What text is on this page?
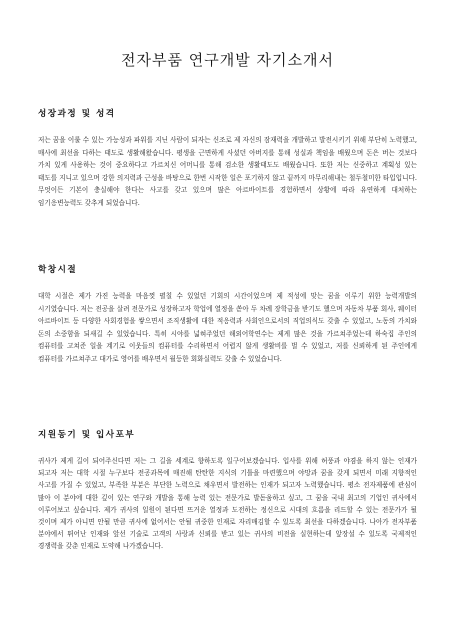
전자부품 연구개발 자기소개서
성장과정 및 성격

저는 꿈을 이룰 수 있는 가능성과 파워를 지닌 사람이 되자는 신조로 제 자신의 잠재력을 개발하고 발전시키기 위해 부단히 노력했고, 매사에 최선을 다하는 태도로 생활해왔습니다. 평생을 근면하게 사셨던 아버지를 통해 성실과 책임을 배웠으며 돈은 버는 것보다 가치 있게 사용하는 것이 중요하다고 가르치신 어머니를 통해 검소한 생활태도도 배웠습니다. 또한 저는 신중하고 계획성 있는 태도를 지니고 있으며 강한 의지력과 근성을 바탕으로 한번 시작한 일은 포기하지 않고 끝까지 마무리해내는 철두철미한 타입입니다. 무엇이든 기본이 충실해야 한다는 사고를 갖고 있으며 많은 아르바이트를 경험하면서 상황에 따라 유연하게 대처하는 임기응변능력도 갖추게 되었습니다.

학창시절

대학 시절은 제가 가진 능력을 마음껏 펼칠 수 있었던 기회의 시간이었으며 제 적성에 맞는 꿈을 이루기 위한 능력개발의 시기였습니다. 저는 전공을 살려 전문가로 성장하고자 학업에 열정을 쏟아 두 차례 장학금을 받기도 했으며 자동차 부품 회사, 웨이터 아르바이트 등 다양한 사회경험을 쌓으면서 조직생활에 대한 적응력과 사회인으로서의 직업의식도 갖출 수 있었고, 노동의 가치와 돈의 소중함을 되새길 수 있었습니다. 특히 시야를 넓혀주었던 해외어학연수는 제게 많은 것을 가르쳐주었는데 하숙집 주인의 컴퓨터를 고쳐준 일을 계기로 이웃들의 컴퓨터를 수리하면서 어렵지 않게 생활비를 벌 수 있었고, 저를 신뢰하게 된 주인에게 컴퓨터를 가르쳐주고 대가로 영어를 배우면서 월등한 회화실력도 갖출 수 있었습니다.

지원동기 및 입사포부

귀사가 제게 길이 되어주신다면 저는 그 길을 세계로 향하도록 일구어보겠습니다. 입사를 위해 허풍과 야겸을 하지 않는 인재가 되고자 저는 대학 시절 누구보다 전공과목에 매진해 탄탄한 지식의 기틀을 마련했으며 야망과 꿈을 갖게 되면서 미래 지향적인 사고를 가질 수 있었고, 부족한 부분은 부단한 노력으로 채우면서 발전하는 인재가 되고자 노력했습니다. 평소 전자제품에 관심이 많아 이 분야에 대한 깊이 있는 연구와 개발을 통해 능력 있는 전문가로 발돋움하고 싶고, 그 꿈을 국내 최고의 기업인 귀사에서 이루어보고 싶습니다. 제가 귀사의 일원이 된다면 뜨거운 열정과 도전하는 정신으로 시대의 흐름을 리드할 수 있는 전문가가 될 것이며 제가 아니면 안될 만큼 귀사에 없어서는 안될 귀중한 인재로 자리매김할 수 있도록 최선을 다하겠습니다. 나아가 전자부품 분야에서 뛰어난 인재와 앞선 기술로 고객의 사랑과 신뢰를 받고 있는 귀사의 비전을 실현하는데 앞장설 수 있도록 국제적인 경쟁력을 갖춘 인재로 도약해 나가겠습니다.
